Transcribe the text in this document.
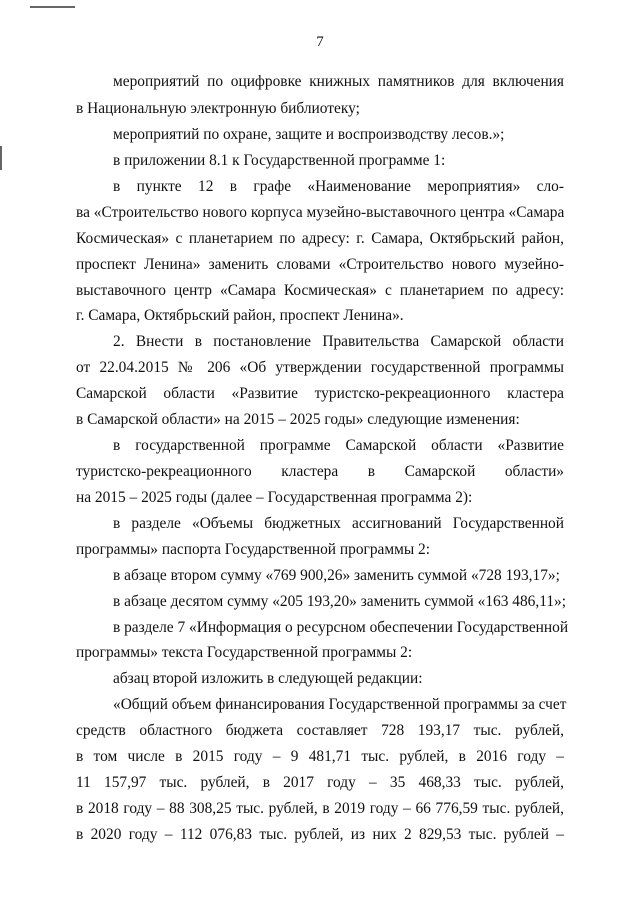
7
мероприятий по оцифровке книжных памятников для включения
в Национальную электронную библиотеку;
мероприятий по охране, защите и воспроизводству лесов.»;
в приложении 8.1 к Государственной программе 1:
в пункте 12 в графе «Наименование мероприятия» сло-
ва «Строительство нового корпуса музейно-выставочного центра «Самара
Космическая» с планетарием по адресу: г. Самара, Октябрьский район,
проспект Ленина» заменить словами «Строительство нового музейно-
выставочного центр «Самара Космическая» с планетарием по адресу:
г. Самара, Октябрьский район, проспект Ленина».
2. Внести в постановление Правительства Самарской области
от 22.04.2015 № 206 «Об утверждении государственной программы
Самарской области «Развитие туристско-рекреационного кластера
в Самарской области» на 2015 – 2025 годы» следующие изменения:
в государственной программе Самарской области «Развитие
туристско-рекреационного кластера в Самарской области»
на 2015 – 2025 годы (далее – Государственная программа 2):
в разделе «Объемы бюджетных ассигнований Государственной
программы» паспорта Государственной программы 2:
в абзаце втором сумму «769 900,26» заменить суммой «728 193,17»;
в абзаце десятом сумму «205 193,20» заменить суммой «163 486,11»;
в разделе 7 «Информация о ресурсном обеспечении Государственной
программы» текста Государственной программы 2:
абзац второй изложить в следующей редакции:
«Общий объем финансирования Государственной программы за счет
средств областного бюджета составляет 728 193,17 тыс. рублей,
в том числе в 2015 году – 9 481,71 тыс. рублей, в 2016 году –
11 157,97 тыс. рублей, в 2017 году – 35 468,33 тыс. рублей,
в 2018 году – 88 308,25 тыс. рублей, в 2019 году – 66 776,59 тыс. рублей,
в 2020 году – 112 076,83 тыс. рублей, из них 2 829,53 тыс. рублей –
